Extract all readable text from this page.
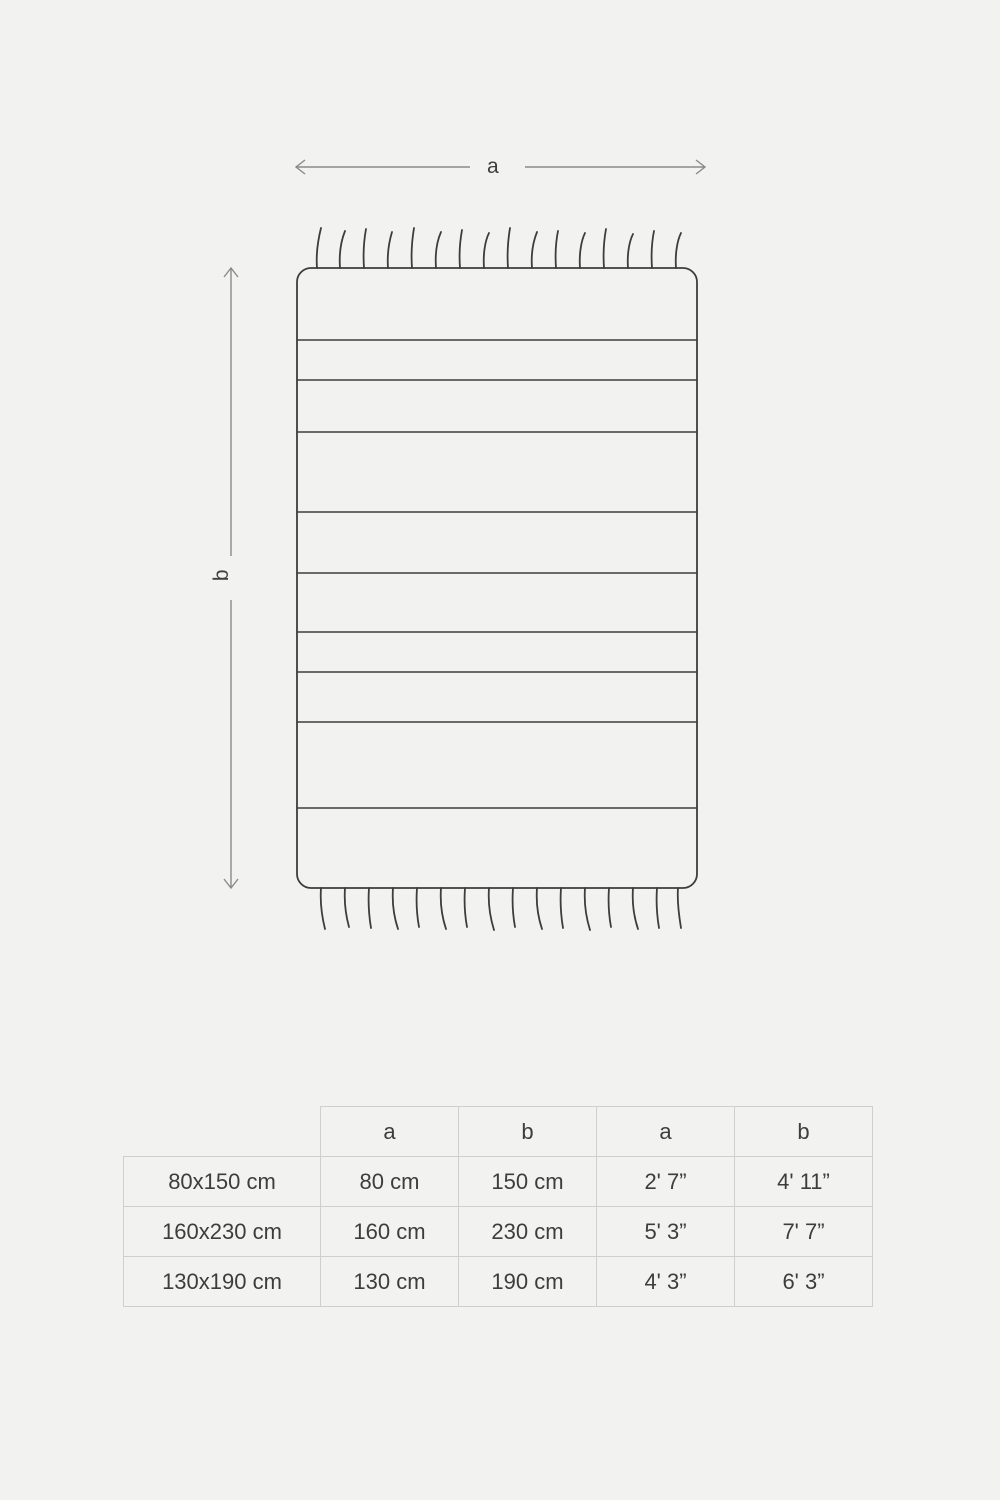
a
b
	a	b	a	b
80x150 cm	80 cm	150 cm	2' 7”	4' 11”
160x230 cm	160 cm	230 cm	5' 3”	7' 7”
130x190 cm	130 cm	190 cm	4' 3”	6' 3”
